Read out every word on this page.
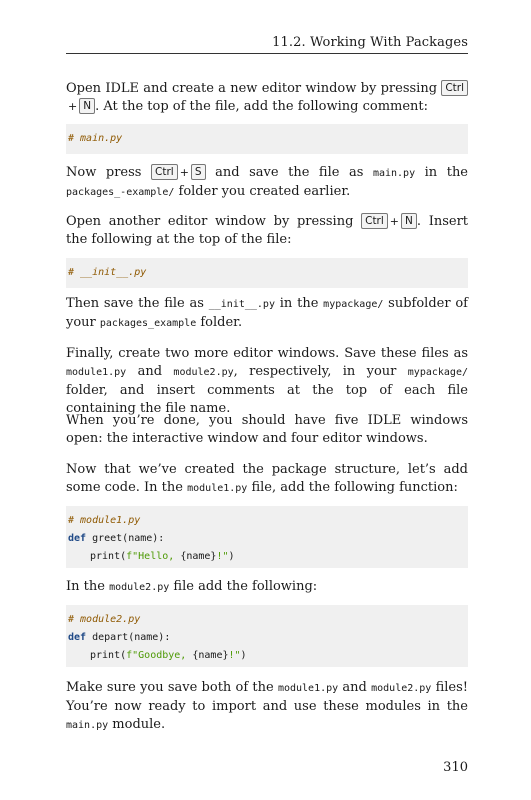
11.2. Working With Packages
Open IDLE and create a new editor window by pressing Ctrl+ N . At the top of the file, add the following comment:
# main.py
Now press Ctrl + S and save the file as main.py in the packages_-example/ folder you created earlier.
Open another editor window by pressing Ctrl + N . Insert the following at the top of the file:
# __init__.py
Then save the file as __init__.py in the mypackage/ subfolder of your packages_example folder.
Finally, create two more editor windows. Save these files as module1.py and module2.py, respectively, in your mypackage/ folder, and insert comments at the top of each file containing the file name.
When you’re done, you should have five IDLE windows open: the interactive window and four editor windows.
Now that we’ve created the package structure, let’s add some code. In the module1.py file, add the following function:
# module1.py
def greet(name):
print(f"Hello, {name}!")
In the module2.py file add the following:
# module2.py
def depart(name):
print(f"Goodbye, {name}!")
Make sure you save both of the module1.py and module2.py files! You’re now ready to import and use these modules in the main.py module.
310
